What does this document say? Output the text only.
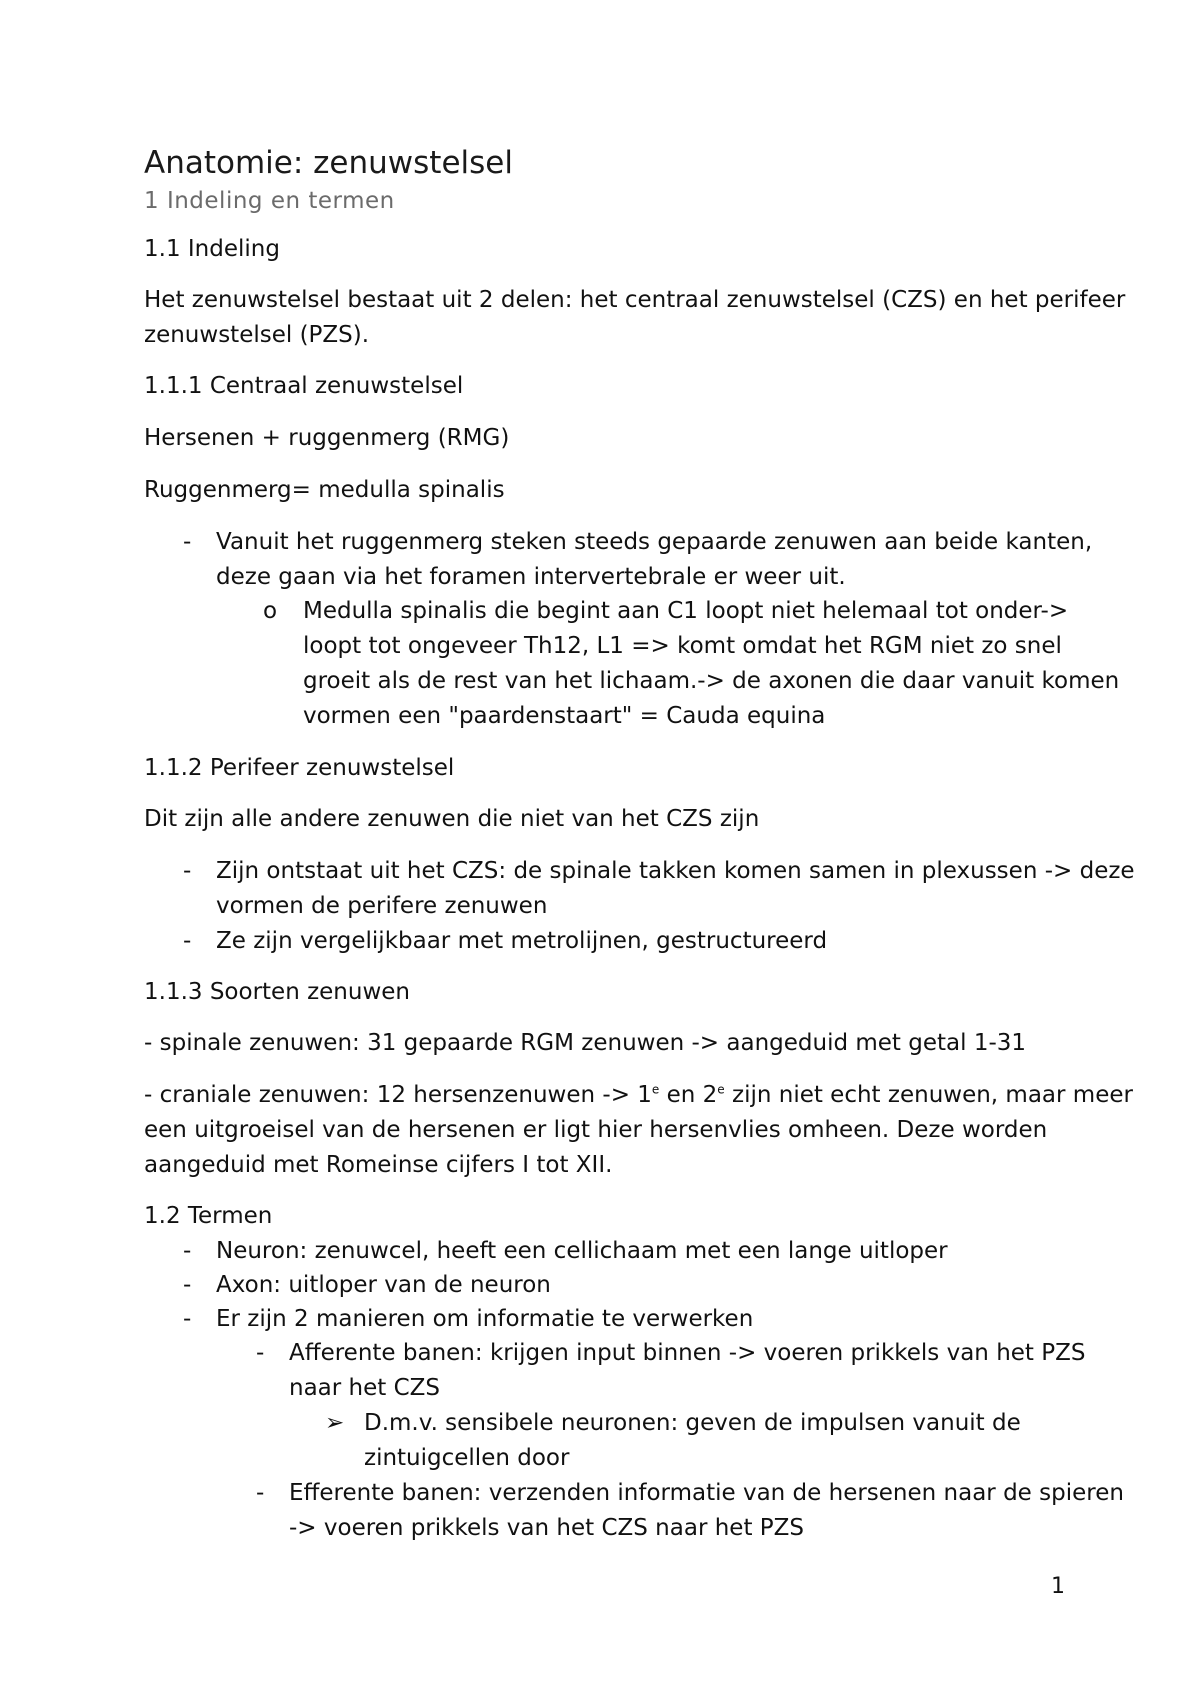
Anatomie: zenuwstelsel
1 Indeling en termen
1.1 Indeling
Het zenuwstelsel bestaat uit 2 delen: het centraal zenuwstelsel (CZS) en het perifeer
zenuwstelsel (PZS).
1.1.1 Centraal zenuwstelsel
Hersenen + ruggenmerg (RMG)
Ruggenmerg= medulla spinalis
- Vanuit het ruggenmerg steken steeds gepaarde zenuwen aan beide kanten,
deze gaan via het foramen intervertebrale er weer uit.
o Medulla spinalis die begint aan C1 loopt niet helemaal tot onder->
loopt tot ongeveer Th12, L1 => komt omdat het RGM niet zo snel
groeit als de rest van het lichaam.-> de axonen die daar vanuit komen
vormen een "paardenstaart" = Cauda equina
1.1.2 Perifeer zenuwstelsel
Dit zijn alle andere zenuwen die niet van het CZS zijn
- Zijn ontstaat uit het CZS: de spinale takken komen samen in plexussen -> deze
vormen de perifere zenuwen
- Ze zijn vergelijkbaar met metrolijnen, gestructureerd
1.1.3 Soorten zenuwen
- spinale zenuwen: 31 gepaarde RGM zenuwen -> aangeduid met getal 1-31
- craniale zenuwen: 12 hersenzenuwen -> $1^e$ en 2e zijn niet echt zenuwen, maar meer
een uitgroeisel van de hersenen er ligt hier hersenvlies omheen. Deze worden
aangeduid met Romeinse cijfers I tot XII.
1.2 Termen
- Neuron: zenuwcel, heeft een cellichaam met een lange uitloper
- Axon: uitloper van de neuron
- Er zijn 2 manieren om informatie te verwerken
- Afferente banen: krijgen input binnen -> voeren prikkels van het PZS
naar het CZS
➢ D.m.v. sensibele neuronen: geven de impulsen vanuit de
zintuigcellen door
- Efferente banen: verzenden informatie van de hersenen naar de spieren
-> voeren prikkels van het CZS naar het PZS
1
